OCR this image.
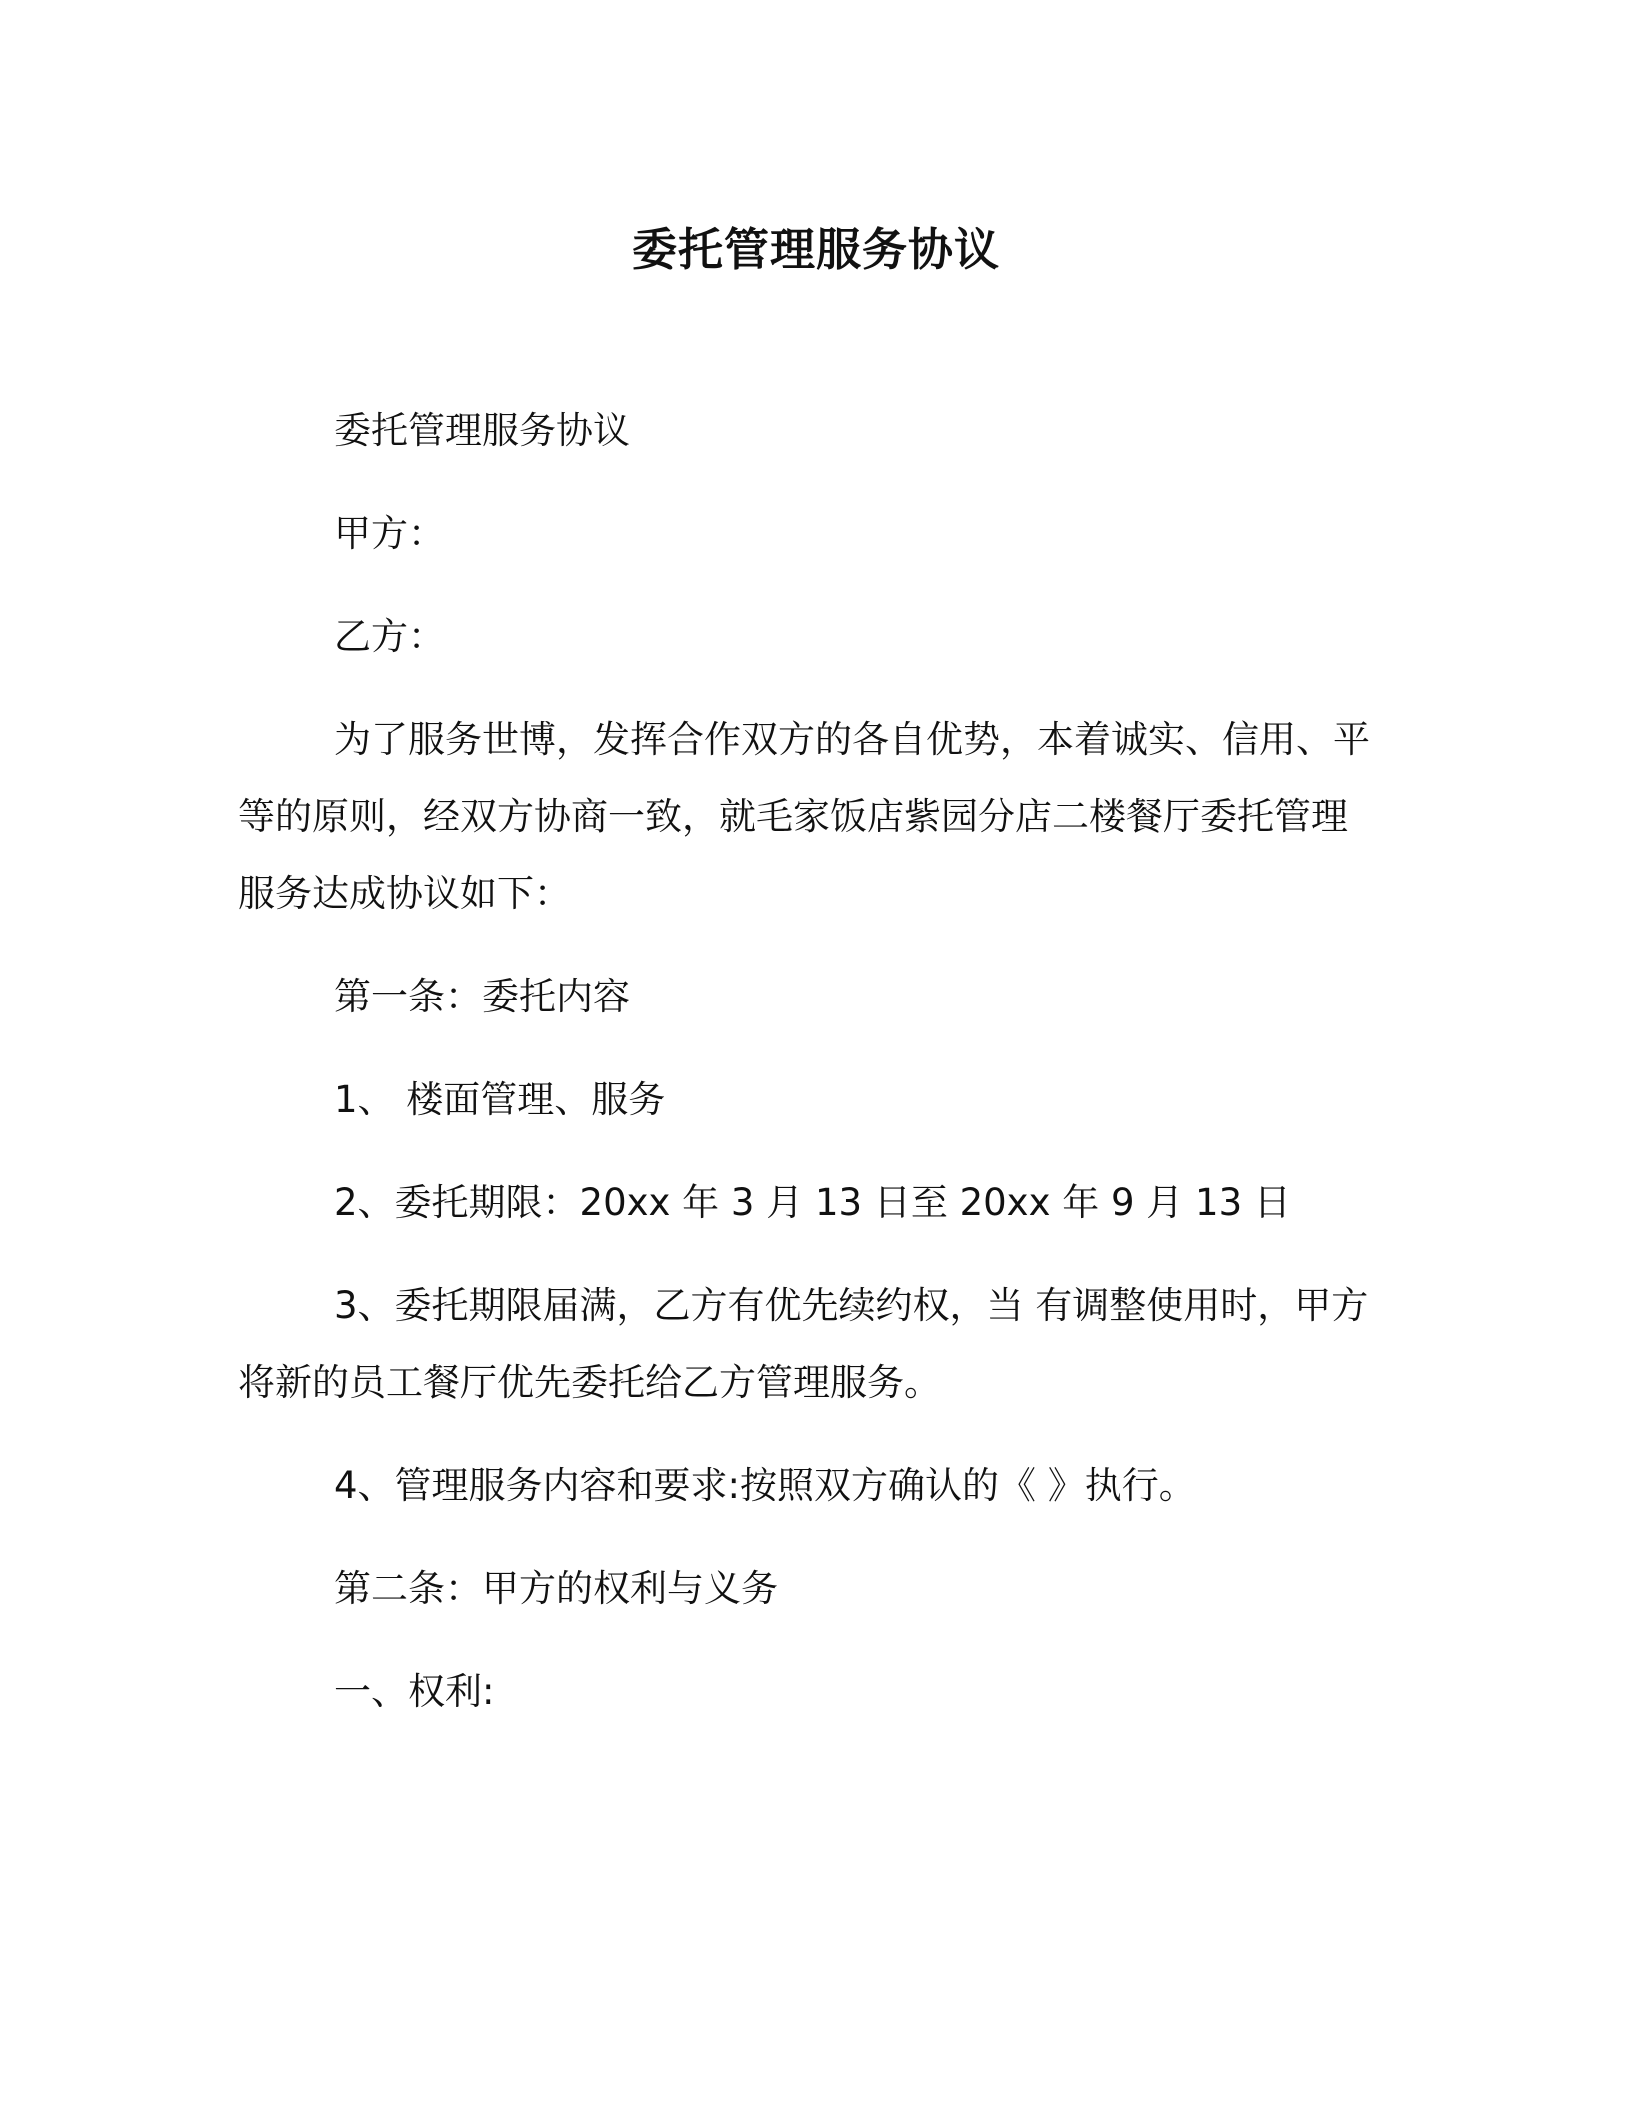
委托管理服务协议

委托管理服务协议

甲方：

乙方：

为了服务世博，发挥合作双方的各自优势，本着诚实、信用、平等的原则，经双方协商一致，就毛家饭店紫园分店二楼餐厅委托管理服务达成协议如下：

第一条：委托内容

1、 楼面管理、服务

2、委托期限：20xx 年 3 月 13 日至 20xx 年 9 月 13 日

3、委托期限届满，乙方有优先续约权，当 有调整使用时，甲方将新的员工餐厅优先委托给乙方管理服务。

4、管理服务内容和要求:按照双方确认的《 》执行。

第二条：甲方的权利与义务

一、权利:
